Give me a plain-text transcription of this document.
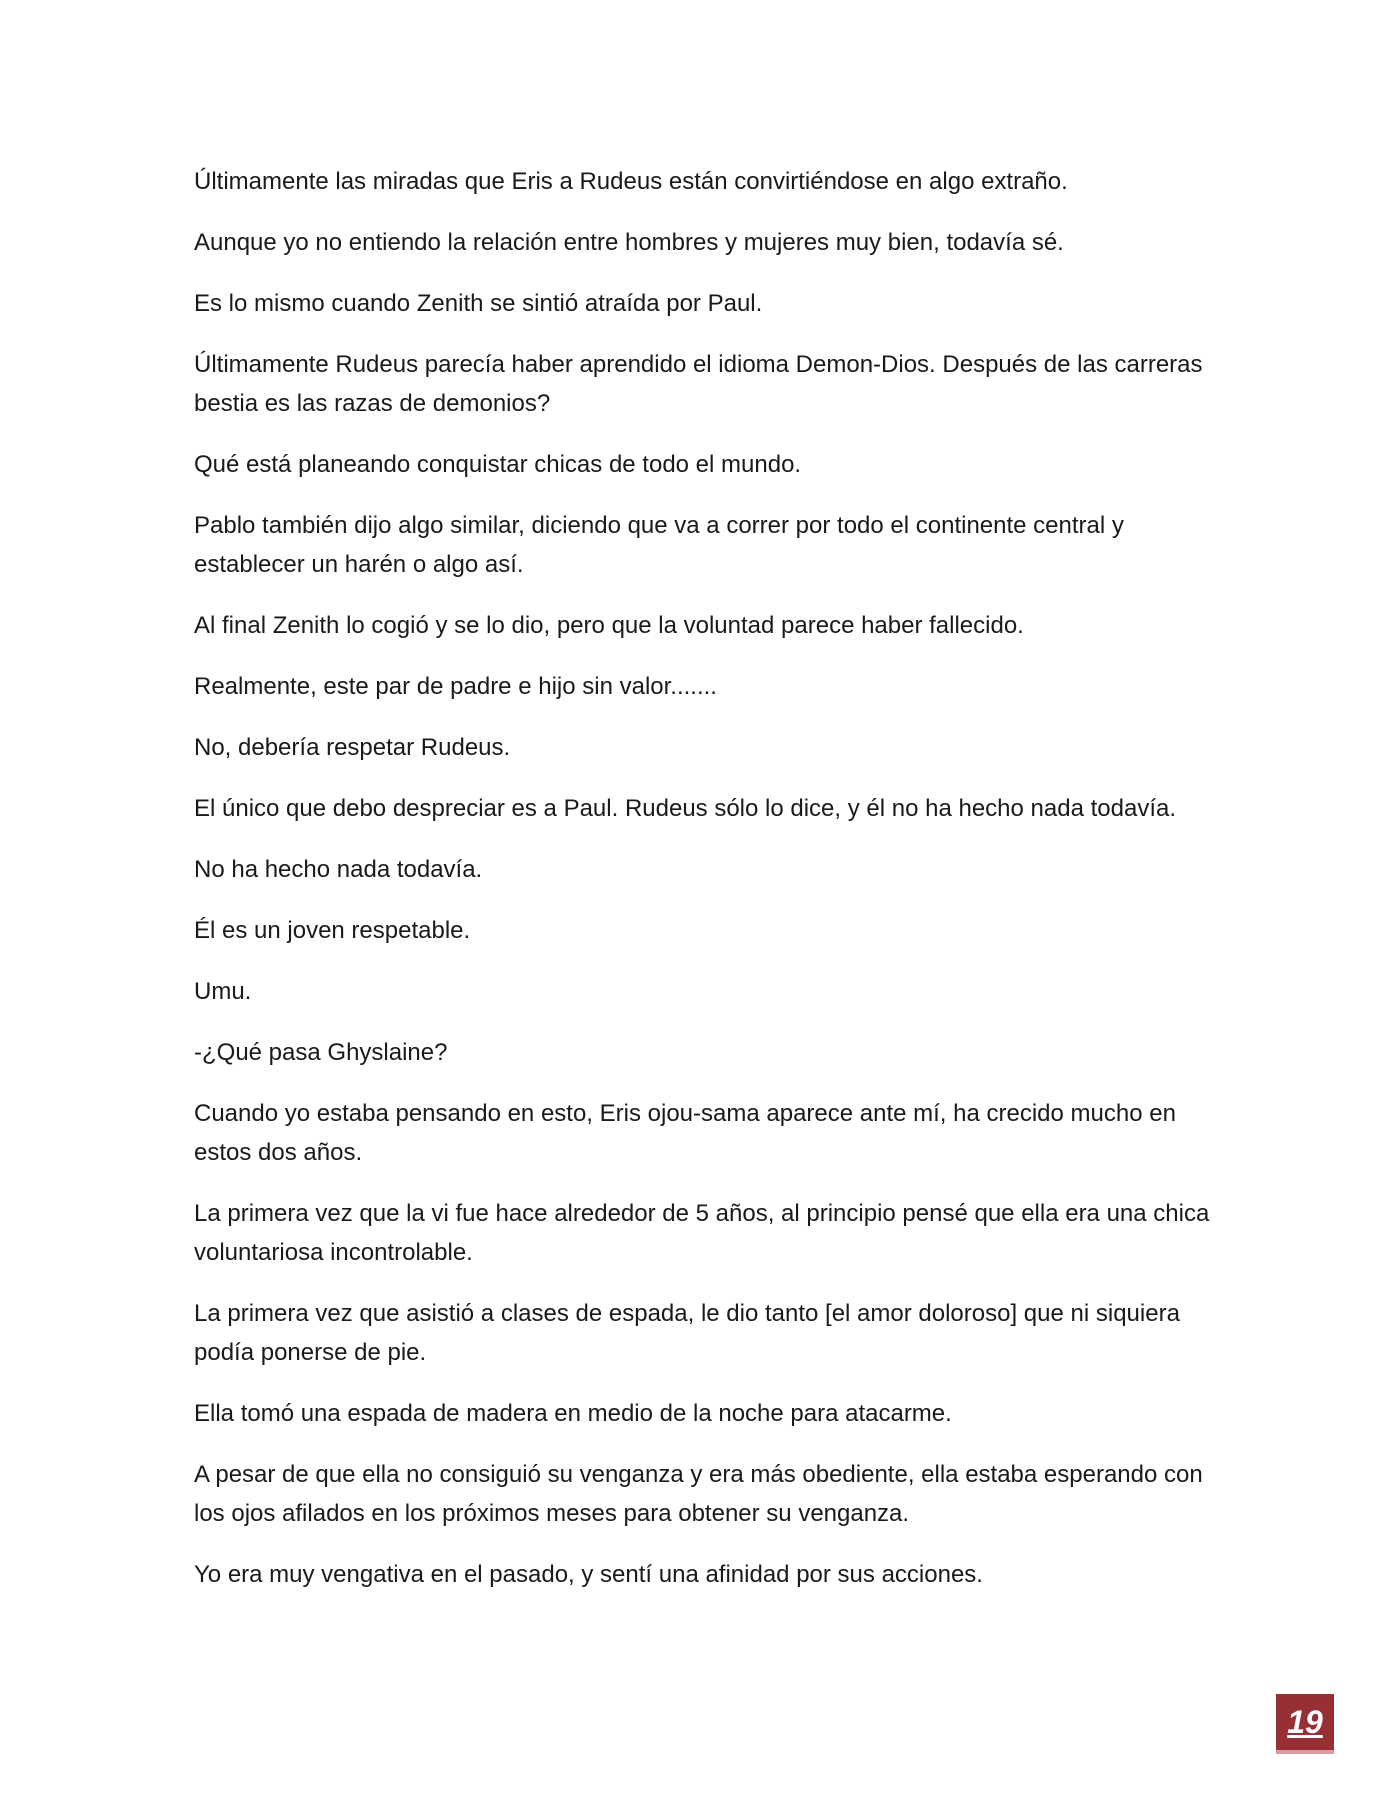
Últimamente las miradas que Eris a Rudeus están convirtiéndose en algo extraño.

Aunque yo no entiendo la relación entre hombres y mujeres muy bien, todavía sé.

Es lo mismo cuando Zenith se sintió atraída por Paul.

Últimamente Rudeus parecía haber aprendido el idioma Demon-Dios. Después de las carreras bestia es las razas de demonios?

Qué está planeando conquistar chicas de todo el mundo.

Pablo también dijo algo similar, diciendo que va a correr por todo el continente central y establecer un harén o algo así.

Al final Zenith lo cogió y se lo dio, pero que la voluntad parece haber fallecido.

Realmente, este par de padre e hijo sin valor.......

No, debería respetar Rudeus.

El único que debo despreciar es a Paul. Rudeus sólo lo dice, y él no ha hecho nada todavía.

No ha hecho nada todavía.

Él es un joven respetable.

Umu.

-¿Qué pasa Ghyslaine?

Cuando yo estaba pensando en esto, Eris ojou-sama aparece ante mí, ha crecido mucho en estos dos años.

La primera vez que la vi fue hace alrededor de 5 años, al principio pensé que ella era una chica voluntariosa incontrolable.

La primera vez que asistió a clases de espada, le dio tanto [el amor doloroso] que ni siquiera podía ponerse de pie.

Ella tomó una espada de madera en medio de la noche para atacarme.

A pesar de que ella no consiguió su venganza y era más obediente, ella estaba esperando con los ojos afilados en los próximos meses para obtener su venganza.

Yo era muy vengativa en el pasado, y sentí una afinidad por sus acciones.

19
